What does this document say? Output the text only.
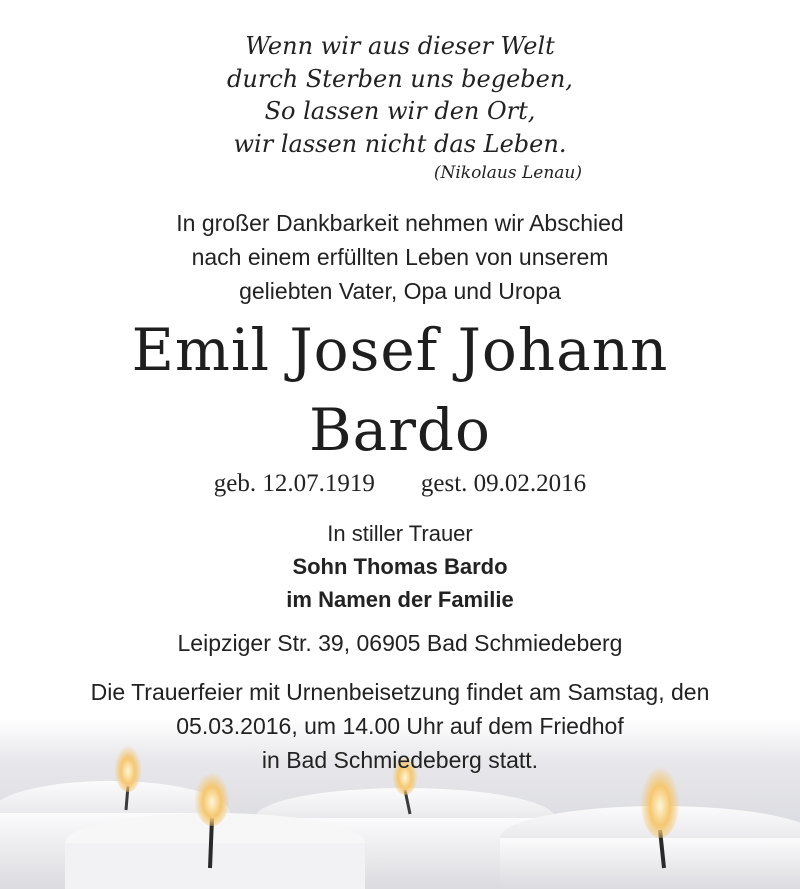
Wenn wir aus dieser Welt
durch Sterben uns begeben,
So lassen wir den Ort,
wir lassen nicht das Leben.
(Nikolaus Lenau)
In großer Dankbarkeit nehmen wir Abschied
nach einem erfüllten Leben von unserem
geliebten Vater, Opa und Uropa
Emil Josef Johann
Bardo
geb. 12.07.1919 gest. 09.02.2016
In stiller Trauer
Sohn Thomas Bardo
im Namen der Familie
Leipziger Str. 39, 06905 Bad Schmiedeberg
Die Trauerfeier mit Urnenbeisetzung findet am Samstag, den
05.03.2016, um 14.00 Uhr auf dem Friedhof
in Bad Schmiedeberg statt.
